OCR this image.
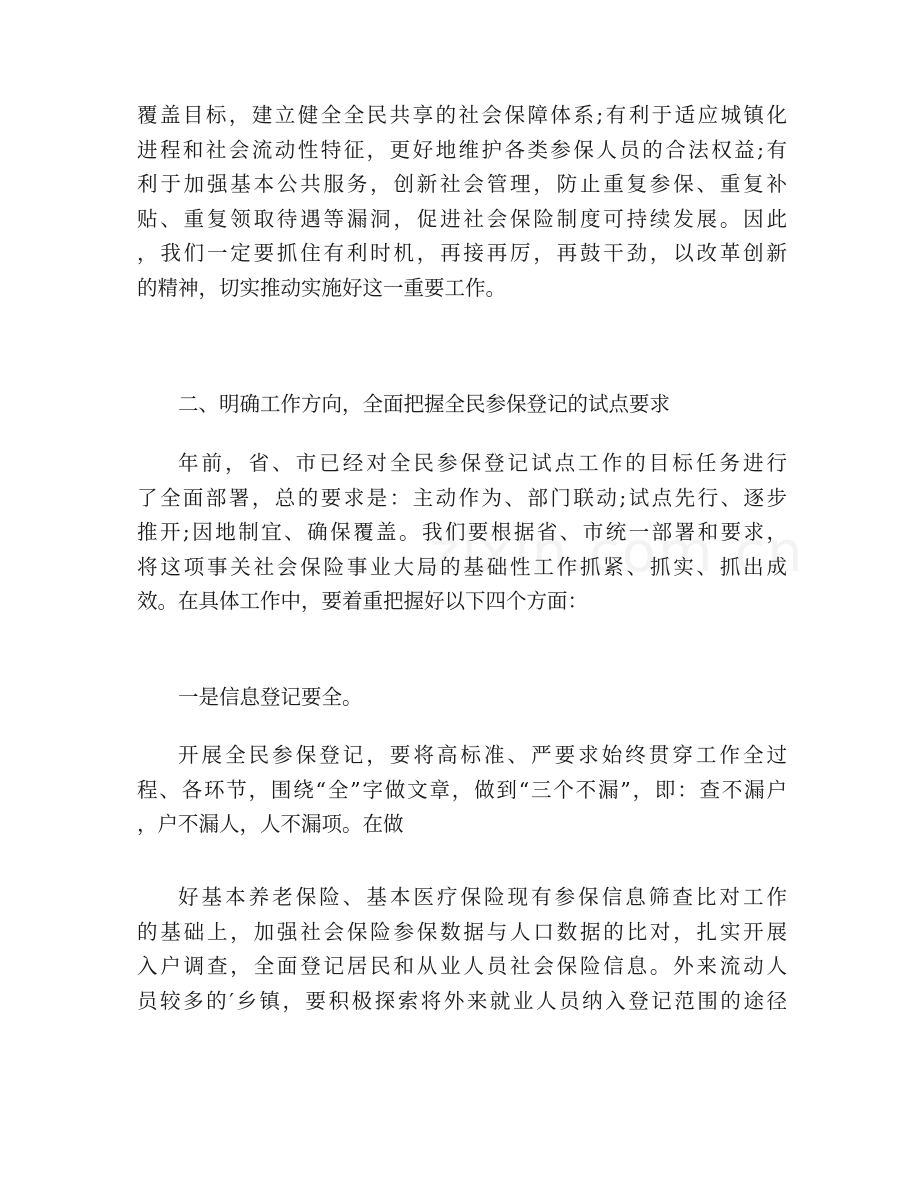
覆盖目标，建立健全全民共享的社会保障体系;有利于适应城镇化
进程和社会流动性特征，更好地维护各类参保人员的合法权益;有
利于加强基本公共服务，创新社会管理，防止重复参保、重复补
贴、重复领取待遇等漏洞，促进社会保险制度可持续发展。因此
，我们一定要抓住有利时机，再接再厉，再鼓干劲，以改革创新
的精神，切实推动实施好这一重要工作。

二、明确工作方向，全面把握全民参保登记的试点要求

年前，省、市已经对全民参保登记试点工作的目标任务进行
了全面部署，总的要求是：主动作为、部门联动;试点先行、逐步
推开;因地制宜、确保覆盖。我们要根据省、市统一部署和要求，
将这项事关社会保险事业大局的基础性工作抓紧、抓实、抓出成
效。在具体工作中，要着重把握好以下四个方面：

一是信息登记要全。

开展全民参保登记，要将高标准、严要求始终贯穿工作全过
程、各环节，围绕“全”字做文章，做到“三个不漏”，即：查不漏户
，户不漏人，人不漏项。在做

好基本养老保险、基本医疗保险现有参保信息筛查比对工作
的基础上，加强社会保险参保数据与人口数据的比对，扎实开展
入户调查，全面登记居民和从业人员社会保险信息。外来流动人
员较多的′乡镇，要积极探索将外来就业人员纳入登记范围的途径
